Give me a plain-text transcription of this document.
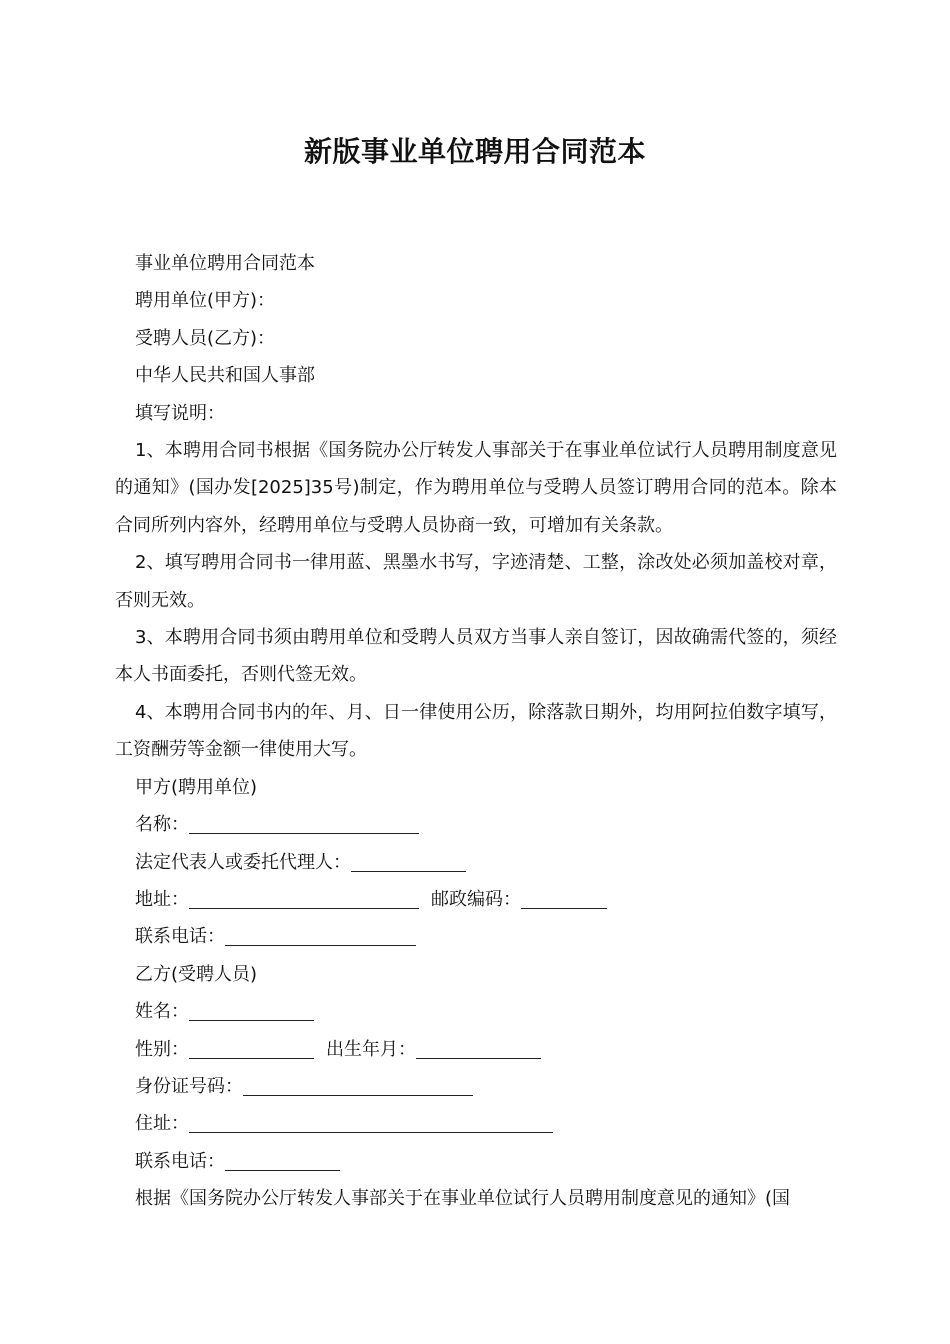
新版事业单位聘用合同范本

事业单位聘用合同范本

聘用单位(甲方)：

受聘人员(乙方)：

中华人民共和国人事部

填写说明：

1、本聘用合同书根据《国务院办公厅转发人事部关于在事业单位试行人员聘用制度意见的通知》(国办发[2025]35号)制定，作为聘用单位与受聘人员签订聘用合同的范本。除本合同所列内容外，经聘用单位与受聘人员协商一致，可增加有关条款。

2、填写聘用合同书一律用蓝、黑墨水书写，字迹清楚、工整，涂改处必须加盖校对章，否则无效。

3、本聘用合同书须由聘用单位和受聘人员双方当事人亲自签订，因故确需代签的，须经本人书面委托，否则代签无效。

4、本聘用合同书内的年、月、日一律使用公历，除落款日期外，均用阿拉伯数字填写，工资酬劳等金额一律使用大写。

甲方(聘用单位)

名称：

法定代表人或委托代理人：

地址：	邮政编码：

联系电话：

乙方(受聘人员)

姓名：

性别：	出生年月：

身份证号码：

住址：

联系电话：

根据《国务院办公厅转发人事部关于在事业单位试行人员聘用制度意见的通知》(国
